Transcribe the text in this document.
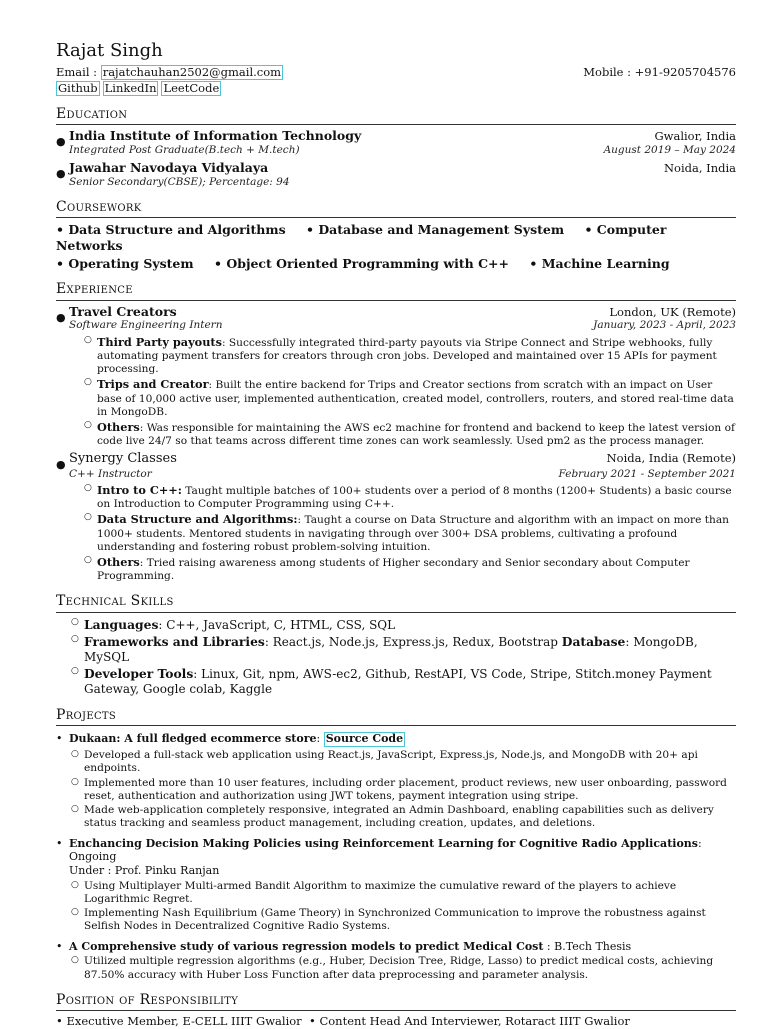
Rajat Singh
Email : rajatchauhan2502@gmail.com	Mobile : +91-9205704576
Github LinkedIn LeetCode
Education
● India Institute of Information Technology	Gwalior, India
Integrated Post Graduate(B.tech + M.tech)	August 2019 – May 2024
● Jawahar Navodaya Vidyalaya	Noida, India
Senior Secondary(CBSE); Percentage: 94
Coursework
• Data Structure and Algorithms • Database and Management System • Computer Networks
• Operating System • Object Oriented Programming with C++ • Machine Learning
Experience
● Travel Creators	London, UK (Remote)
Software Engineering Intern	January, 2023 - April, 2023
○ Third Party payouts: Successfully integrated third-party payouts via Stripe Connect and Stripe webhooks, fully automating payment transfers for creators through cron jobs. Developed and maintained over 15 APIs for payment processing.
○ Trips and Creator: Built the entire backend for Trips and Creator sections from scratch with an impact on User base of 10,000 active user, implemented authentication, created model, controllers, routers, and stored real-time data in MongoDB.
○ Others: Was responsible for maintaining the AWS ec2 machine for frontend and backend to keep the latest version of code live 24/7 so that teams across different time zones can work seamlessly. Used pm2 as the process manager.
● Synergy Classes	Noida, India (Remote)
C++ Instructor	February 2021 - September 2021
○ Intro to C++: Taught multiple batches of 100+ students over a period of 8 months (1200+ Students) a basic course on Introduction to Computer Programming using C++.
○ Data Structure and Algorithms:: Taught a course on Data Structure and algorithm with an impact on more than 1000+ students. Mentored students in navigating through over 300+ DSA problems, cultivating a profound understanding and fostering robust problem-solving intuition.
○ Others: Tried raising awareness among students of Higher secondary and Senior secondary about Computer Programming.
Technical Skills
○ Languages: C++, JavaScript, C, HTML, CSS, SQL
○ Frameworks and Libraries: React.js, Node.js, Express.js, Redux, Bootstrap Database: MongoDB, MySQL
○ Developer Tools: Linux, Git, npm, AWS-ec2, Github, RestAPI, VS Code, Stripe, Stitch.money Payment Gateway, Google colab, Kaggle
Projects
• Dukaan: A full fledged ecommerce store: Source Code
○ Developed a full-stack web application using React.js, JavaScript, Express.js, Node.js, and MongoDB with 20+ api endpoints.
○ Implemented more than 10 user features, including order placement, product reviews, new user onboarding, password reset, authentication and authorization using JWT tokens, payment integration using stripe.
○ Made web-application completely responsive, integrated an Admin Dashboard, enabling capabilities such as delivery status tracking and seamless product management, including creation, updates, and deletions.
• Enchancing Decision Making Policies using Reinforcement Learning for Cognitive Radio Applications: Ongoing
Under : Prof. Pinku Ranjan
○ Using Multiplayer Multi-armed Bandit Algorithm to maximize the cumulative reward of the players to achieve Logarithmic Regret.
○ Implementing Nash Equilibrium (Game Theory) in Synchronized Communication to improve the robustness against Selfish Nodes in Decentralized Cognitive Radio Systems.
• A Comprehensive study of various regression models to predict Medical Cost : B.Tech Thesis
○ Utilized multiple regression algorithms (e.g., Huber, Decision Tree, Ridge, Lasso) to predict medical costs, achieving 87.50% accuracy with Huber Loss Function after data preprocessing and parameter analysis.
Position of Responsibility
• Executive Member, E-CELL IIIT Gwalior  • Content Head And Interviewer, Rotaract IIIT Gwalior
